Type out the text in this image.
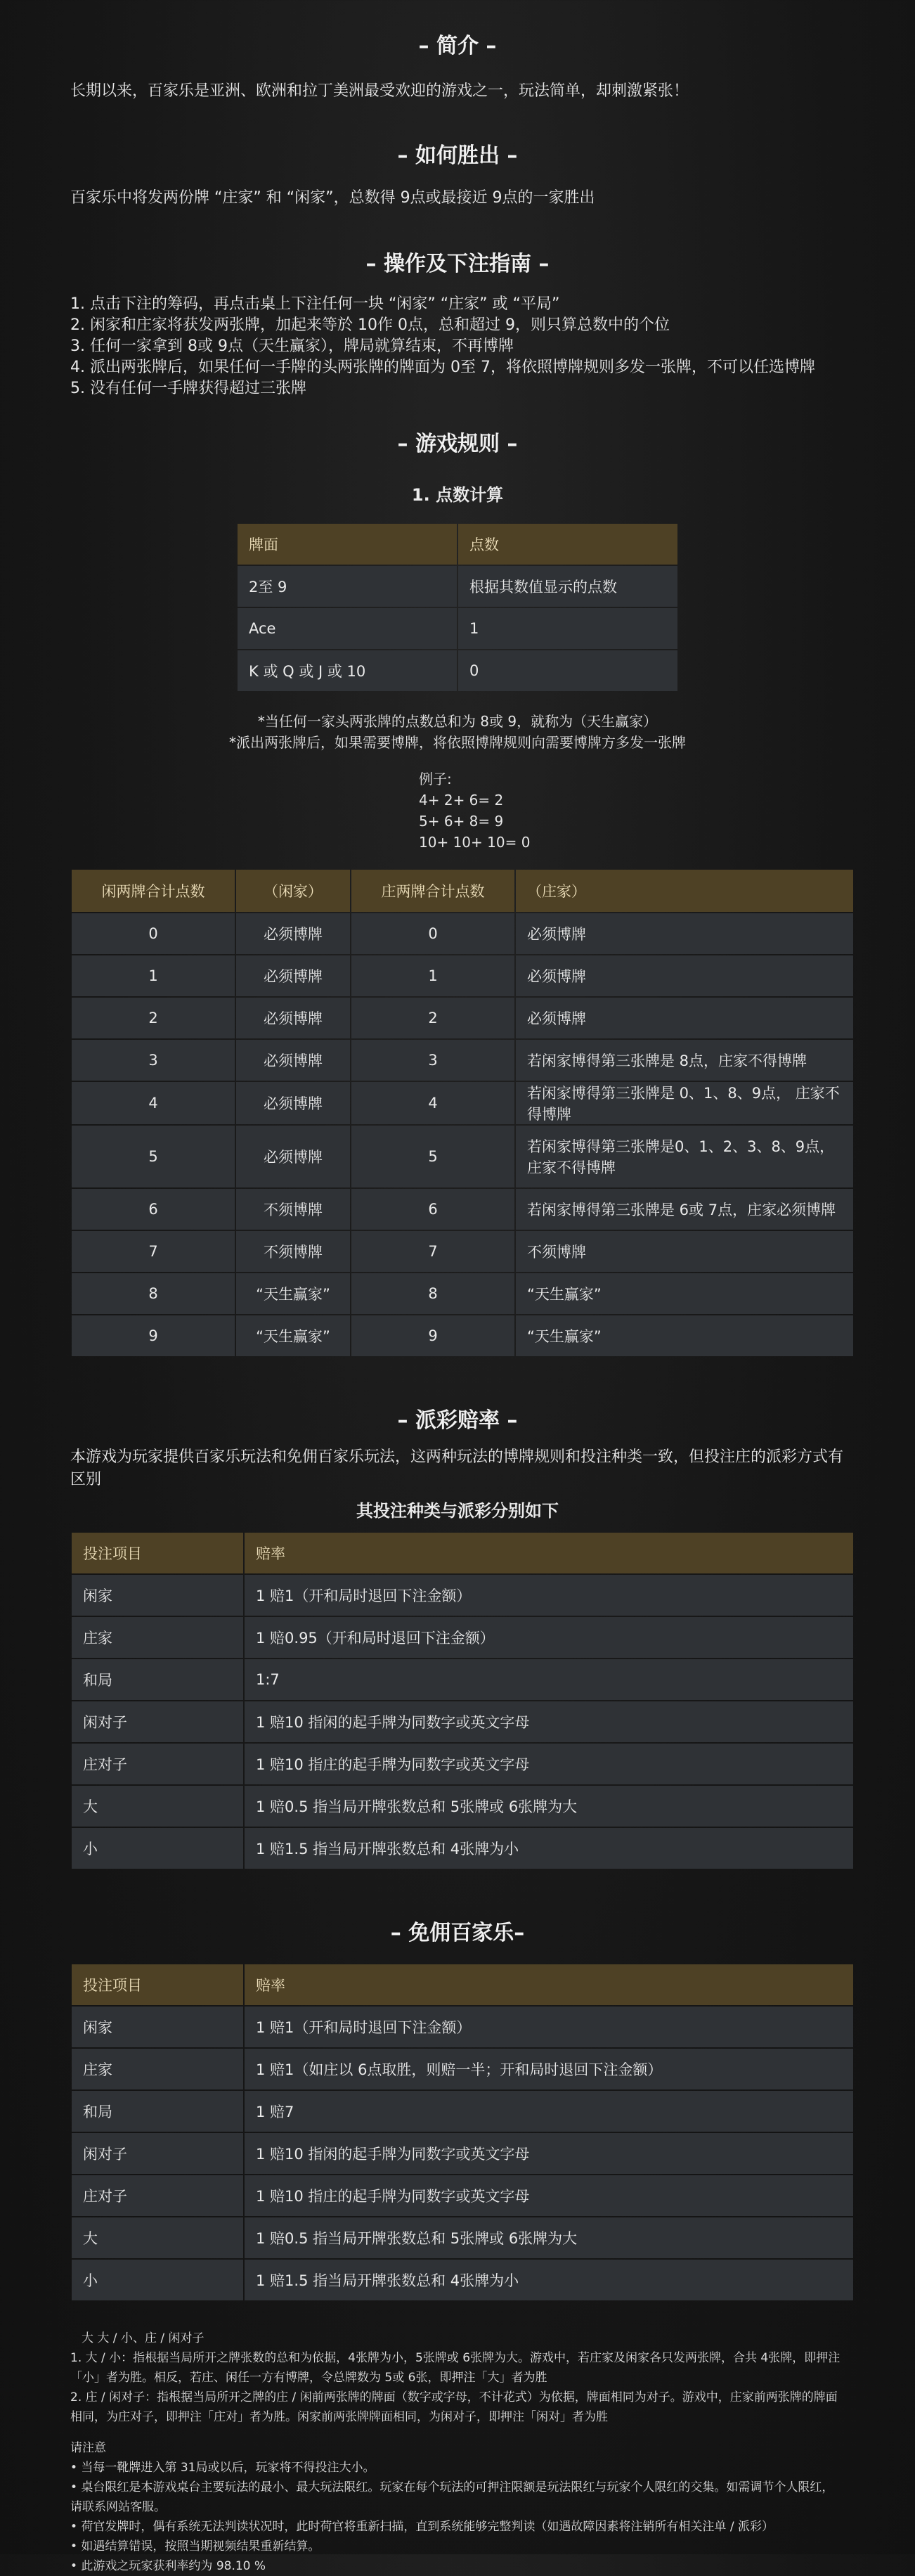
– 简介 –

长期以来，百家乐是亚洲、欧洲和拉丁美洲最受欢迎的游戏之一，玩法简单，却刺激紧张！

– 如何胜出 –

百家乐中将发两份牌 “庄家” 和 “闲家”，总数得 9点或最接近 9点的一家胜出

– 操作及下注指南 –
1. 点击下注的筹码，再点击桌上下注任何一块 “闲家” “庄家” 或 “平局”
2. 闲家和庄家将获发两张牌，加起来等於 10作 0点，总和超过 9，则只算总数中的个位
3. 任何一家拿到 8或 9点（天生赢家），牌局就算结束，不再博牌
4. 派出两张牌后，如果任何一手牌的头两张牌的牌面为 0至 7，将依照博牌规则多发一张牌，不可以任选博牌
5. 没有任何一手牌获得超过三张牌
– 游戏规则 –
1. 点数计算
牌面	点数
2至 9	根据其数值显示的点数
Ace	1
K 或 Q 或 J 或 10	0
*当任何一家头两张牌的点数总和为 8或 9，就称为（天生赢家）
*派出两张牌后，如果需要博牌，将依照博牌规则向需要博牌方多发一张牌
例子:
4+ 2+ 6= 2
5+ 6+ 8= 9
10+ 10+ 10= 0
闲两牌合计点数	（闲家）	庄两牌合计点数	（庄家）
0	必须博牌	0	必须博牌
1	必须博牌	1	必须博牌
2	必须博牌	2	必须博牌
3	必须博牌	3	若闲家博得第三张牌是 8点，庄家不得博牌
4	必须博牌	4	若闲家博得第三张牌是 0、1、8、9点， 庄家不得博牌
5	必须博牌	5	若闲家博得第三张牌是0、1、2、3、8、9点， 庄家不得博牌
6	不须博牌	6	若闲家博得第三张牌是 6或 7点，庄家必须博牌
7	不须博牌	7	不须博牌
8	“天生赢家”	8	“天生赢家”
9	“天生赢家”	9	“天生赢家”
– 派彩赔率 –

本游戏为玩家提供百家乐玩法和免佣百家乐玩法，这两种玩法的博牌规则和投注种类一致，但投注庄的派彩方式有区别

其投注种类与派彩分别如下
投注项目	赔率
闲家	1 赔1（开和局时退回下注金额）
庄家	1 赔0.95（开和局时退回下注金额）
和局	1:7
闲对子	1 赔10 指闲的起手牌为同数字或英文字母
庄对子	1 赔10 指庄的起手牌为同数字或英文字母
大	1 赔0.5 指当局开牌张数总和 5张牌或 6张牌为大
小	1 赔1.5 指当局开牌张数总和 4张牌为小
– 免佣百家乐–
投注项目	赔率
闲家	1 赔1（开和局时退回下注金额）
庄家	1 赔1（如庄以 6点取胜，则赔一半；开和局时退回下注金额）
和局	1 赔7
闲对子	1 赔10 指闲的起手牌为同数字或英文字母
庄对子	1 赔10 指庄的起手牌为同数字或英文字母
大	1 赔0.5 指当局开牌张数总和 5张牌或 6张牌为大
小	1 赔1.5 指当局开牌张数总和 4张牌为小
大 大 / 小、庄 / 闲对子
1. 大 / 小：指根据当局所开之牌张数的总和为依据，4张牌为小，5张牌或 6张牌为大。游戏中，若庄家及闲家各只发两张牌，合共 4张牌，即押注「小」者为胜。相反，若庄、闲任一方有博牌，令总牌数为 5或 6张，即押注「大」者为胜
2. 庄 / 闲对子：指根据当局所开之牌的庄 / 闲前两张牌的牌面（数字或字母，不计花式）为依据，牌面相同为对子。游戏中，庄家前两张牌的牌面相同，为庄对子，即押注「庄对」者为胜。闲家前两张牌牌面相同，为闲对子，即押注「闲对」者为胜
请注意
• 当每一靴牌进入第 31局或以后，玩家将不得投注大小。
• 桌台限红是本游戏桌台主要玩法的最小、最大玩法限红。玩家在每个玩法的可押注限额是玩法限红与玩家个人限红的交集。如需调节个人限红，请联系网站客服。
• 荷官发牌时，偶有系统无法判读状况时，此时荷官将重新扫描，直到系统能够完整判读（如遇故障因素将注销所有相关注单 / 派彩）
• 如遇结算错误，按照当期视频结果重新结算。
• 此游戏之玩家获利率约为 98.10 %
